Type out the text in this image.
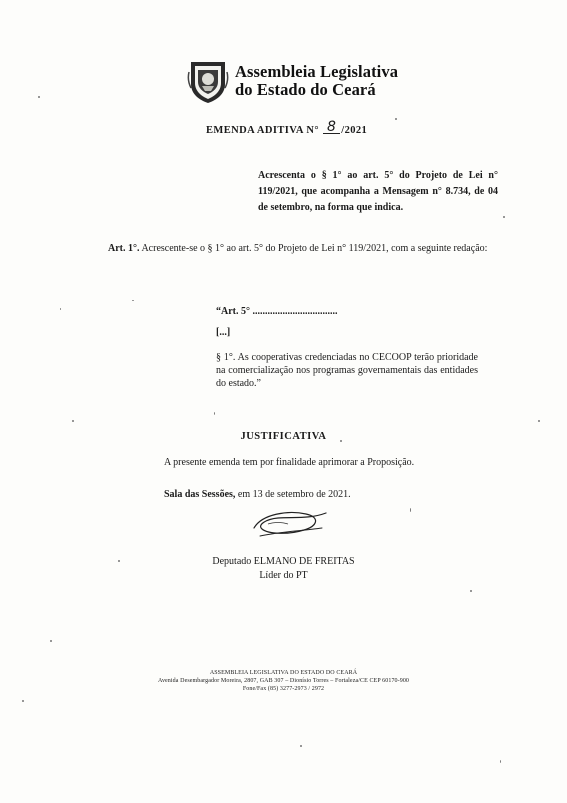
Assembleia Legislativa
do Estado do Ceará
EMENDA ADITIVA N° 8 /2021
Acrescenta o § 1° ao art. 5° do Projeto de Lei n° 119/2021, que acompanha a Mensagem n° 8.734, de 04 de setembro, na forma que indica.
Art. 1°. Acrescente-se o § 1° ao art. 5° do Projeto de Lei n° 119/2021, com a seguinte redação:
“Art. 5° ..................................
[...]
§ 1°. As cooperativas credenciadas no CECOOP terão prioridade na comercialização nos programas governamentais das entidades do estado.”
JUSTIFICATIVA
A presente emenda tem por finalidade aprimorar a Proposição.
Sala das Sessões, em 13 de setembro de 2021.
Deputado ELMANO DE FREITAS
Líder do PT
ASSEMBLEIA LEGISLATIVA DO ESTADO DO CEARÁ
Avenida Desembargador Moreira, 2807, GAB 307 – Dionísio Torres – Fortaleza/CE CEP 60170-900
Fone/Fax (85) 3277-2973 / 2972
